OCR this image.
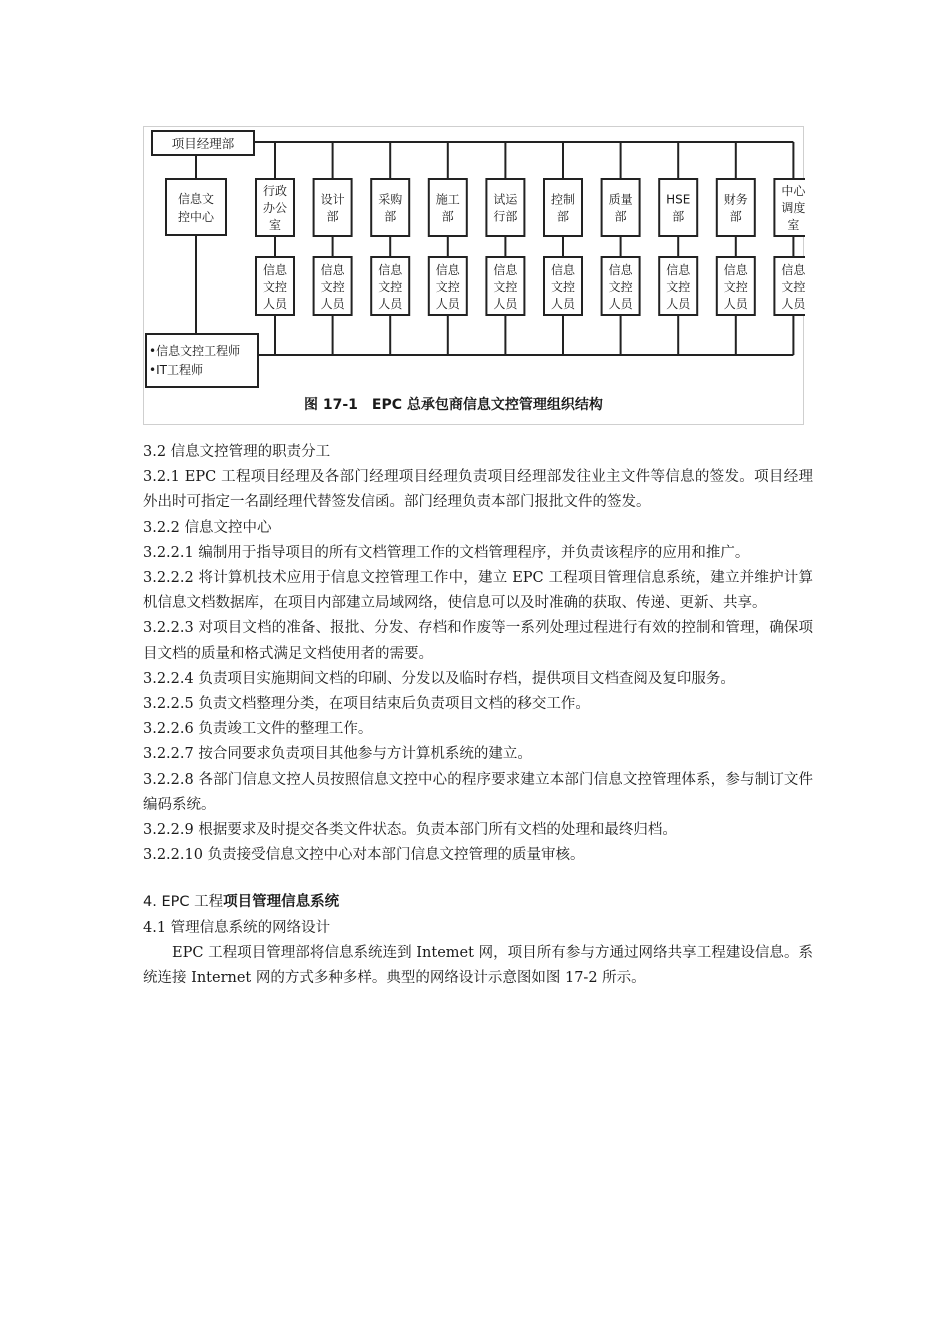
项目经理部
信息文
控中心
行政
办公
室
信息
文控
人员
设计
部
信息
文控
人员
采购
部
信息
文控
人员
施工
部
信息
文控
人员
试运
行部
信息
文控
人员
控制
部
信息
文控
人员
质量
部
信息
文控
人员
HSE
部
信息
文控
人员
财务
部
信息
文控
人员
中心
调度
室
信息
文控
人员
•信息文控工程师
•IT工程师
图 17-1　EPC 总承包商信息文控管理组织结构

3.2 信息文控管理的职责分工

3.2.1 EPC 工程项目经理及各部门经理项目经理负责项目经理部发往业主文件等信息的签发。项目经理外出时可指定一名副经理代替签发信函。部门经理负责本部门报批文件的签发。

3.2.2 信息文控中心

3.2.2.1 编制用于指导项目的所有文档管理工作的文档管理程序，并负责该程序的应用和推广。

3.2.2.2 将计算机技术应用于信息文控管理工作中，建立 EPC 工程项目管理信息系统，建立并维护计算机信息文档数据库，在项目内部建立局域网络，使信息可以及时准确的获取、传递、更新、共享。

3.2.2.3 对项目文档的准备、报批、分发、存档和作废等一系列处理过程进行有效的控制和管理，确保项目文档的质量和格式满足文档使用者的需要。

3.2.2.4 负责项目实施期间文档的印刷、分发以及临时存档，提供项目文档查阅及复印服务。

3.2.2.5 负责文档整理分类，在项目结束后负责项目文档的移交工作。

3.2.2.6 负责竣工文件的整理工作。

3.2.2.7 按合同要求负责项目其他参与方计算机系统的建立。

3.2.2.8 各部门信息文控人员按照信息文控中心的程序要求建立本部门信息文控管理体系，参与制订文件编码系统。

3.2.2.9 根据要求及时提交各类文件状态。负责本部门所有文档的处理和最终归档。

3.2.2.10 负责接受信息文控中心对本部门信息文控管理的质量审核。

4. EPC 工程项目管理信息系统

4.1 管理信息系统的网络设计

EPC 工程项目管理部将信息系统连到 Intemet 网，项目所有参与方通过网络共享工程建设信息。系统连接 Internet 网的方式多种多样。典型的网络设计示意图如图 17-2 所示。
